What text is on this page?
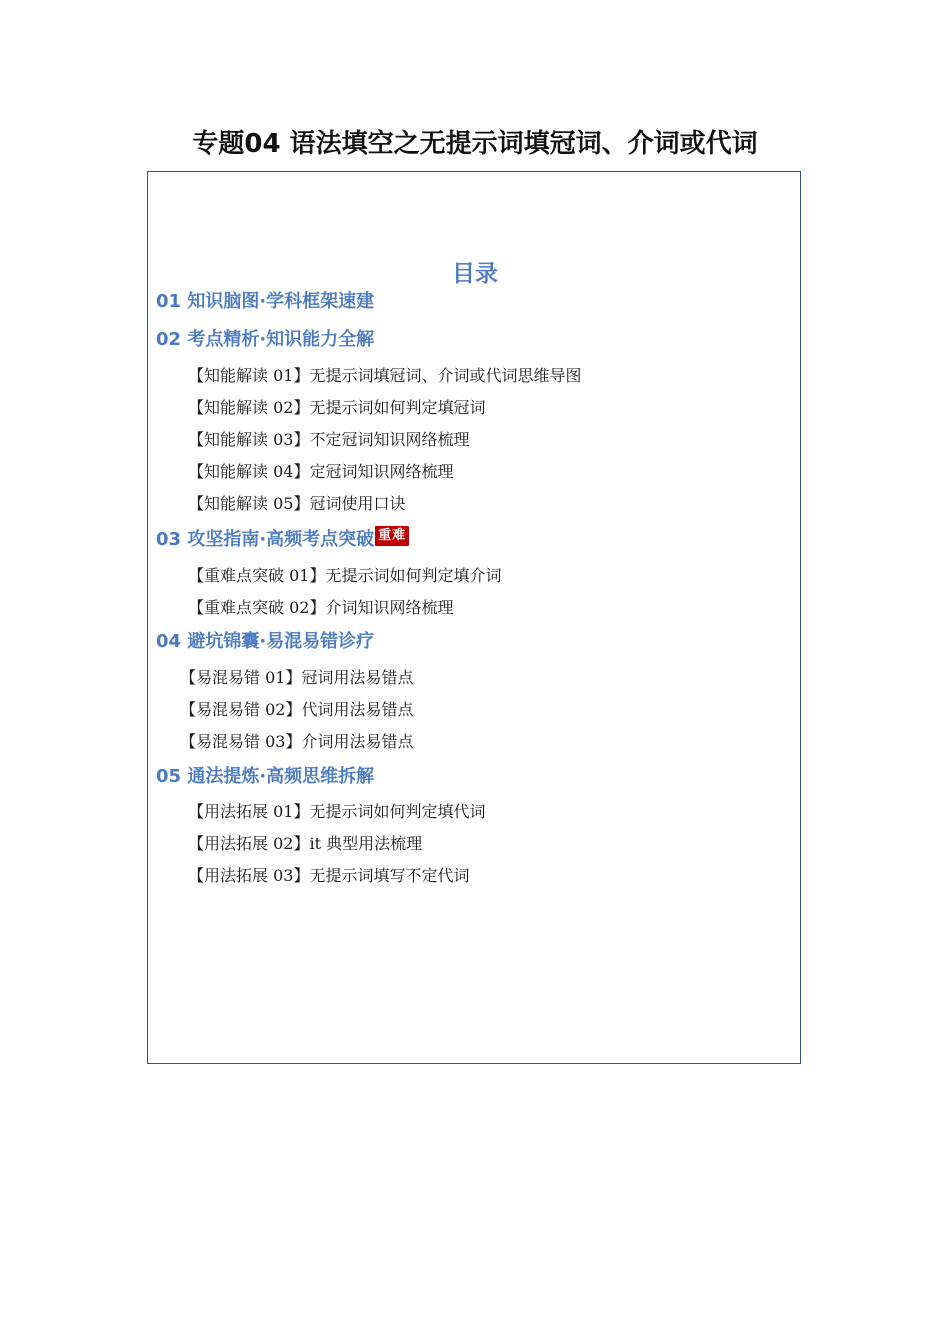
专题04 语法填空之无提示词填冠词、介词或代词
目录
01 知识脑图·学科框架速建
02 考点精析·知识能力全解
【知能解读 01】无提示词填冠词、介词或代词思维导图
【知能解读 02】无提示词如何判定填冠词
【知能解读 03】不定冠词知识网络梳理
【知能解读 04】定冠词知识网络梳理
【知能解读 05】冠词使用口诀
03 攻坚指南·高频考点突破 重难
【重难点突破 01】无提示词如何判定填介词
【重难点突破 02】介词知识网络梳理
04 避坑锦囊·易混易错诊疗
【易混易错 01】冠词用法易错点
【易混易错 02】代词用法易错点
【易混易错 03】介词用法易错点
05 通法提炼·高频思维拆解
【用法拓展 01】无提示词如何判定填代词
【用法拓展 02】it 典型用法梳理
【用法拓展 03】无提示词填写不定代词
